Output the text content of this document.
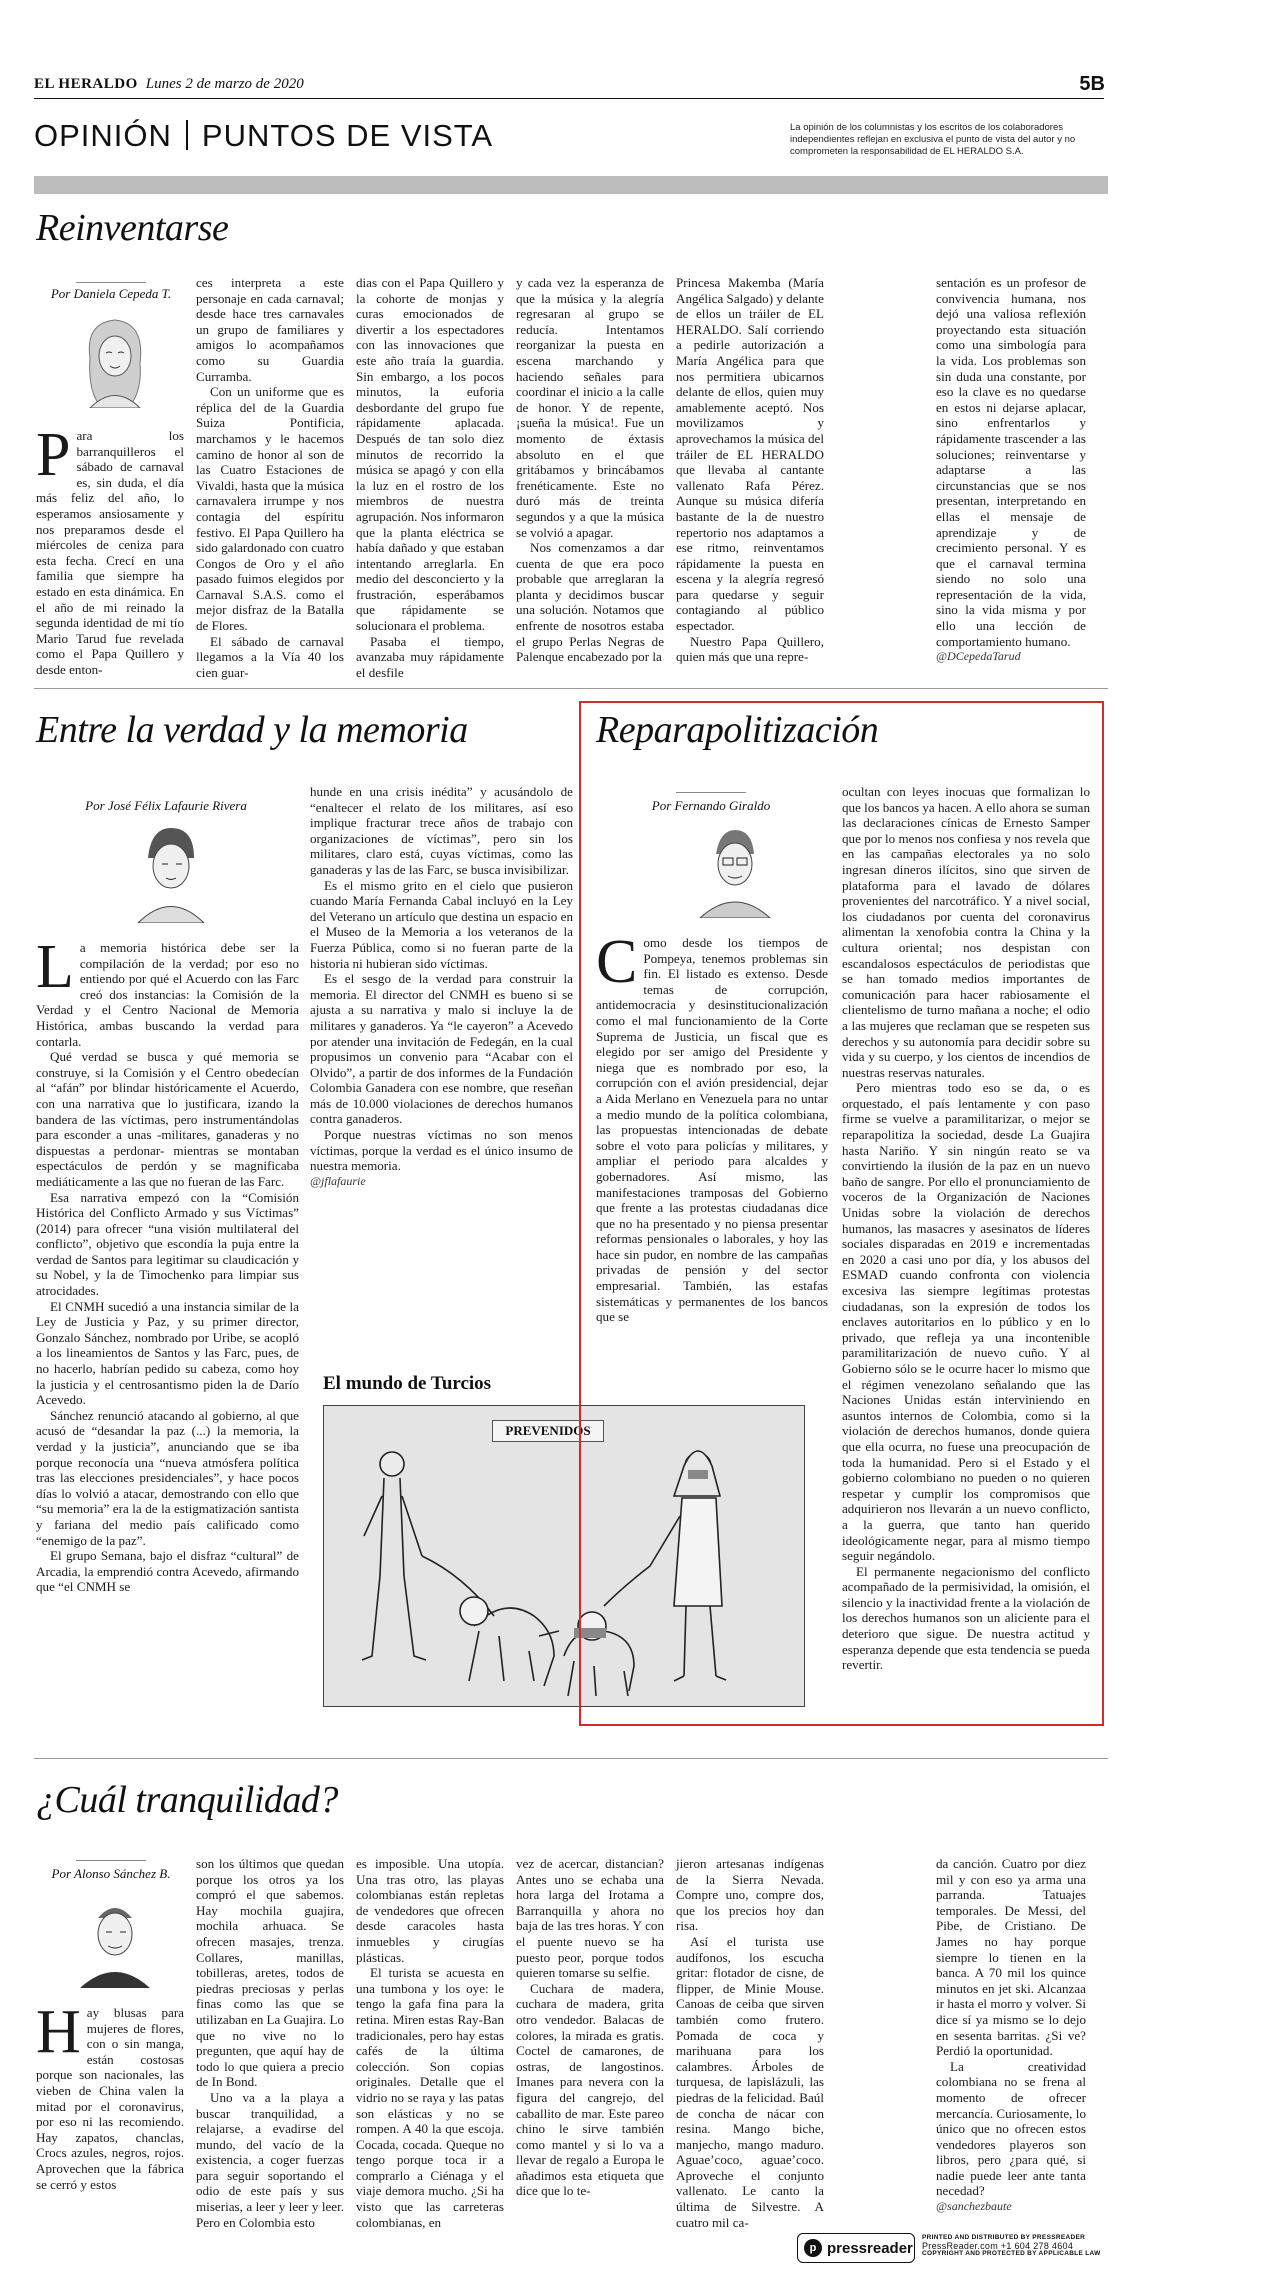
EL HERALDO Lunes 2 de marzo de 2020	5B
OPINIÓN PUNTOS DE VISTA	La opinión de los columnistas y los escritos de los colaboradores independientes reflejan en exclusiva el punto de vista del autor y no comprometen la responsabilidad de EL HERALDO S.A.
Reinventarse
Por Daniela Cepeda T.

Para los barranquilleros el sábado de carnaval es, sin duda, el día más feliz del año, lo esperamos ansiosamente y nos preparamos desde el miércoles de ceniza para esta fecha. Crecí en una familia que siempre ha estado en esta dinámica. En el año de mi reinado la segunda identidad de mi tío Mario Tarud fue revelada como el Papa Quillero y desde enton-

ces interpreta a este personaje en cada carnaval; desde hace tres carnavales un grupo de familiares y amigos lo acompañamos como su Guardia Curramba.

Con un uniforme que es réplica del de la Guardia Suiza Pontificia, marchamos y le hacemos camino de honor al son de las Cuatro Estaciones de Vivaldi, hasta que la música carnavalera irrumpe y nos contagia del espíritu festivo. El Papa Quillero ha sido galardonado con cuatro Congos de Oro y el año pasado fuimos elegidos por Carnaval S.A.S. como el mejor disfraz de la Batalla de Flores.

El sábado de carnaval llegamos a la Vía 40 los cien guar-

dias con el Papa Quillero y la cohorte de monjas y curas emocionados de divertir a los espectadores con las innovaciones que este año traía la guardia. Sin embargo, a los pocos minutos, la euforia desbordante del grupo fue rápidamente aplacada. Después de tan solo diez minutos de recorrido la música se apagó y con ella la luz en el rostro de los miembros de nuestra agrupación. Nos informaron que la planta eléctrica se había dañado y que estaban intentando arreglarla. En medio del desconcierto y la frustración, esperábamos que rápidamente se solucionara el problema.

Pasaba el tiempo, avanzaba muy rápidamente el desfile

y cada vez la esperanza de que la música y la alegría regresaran al grupo se reducía. Intentamos reorganizar la puesta en escena marchando y haciendo señales para coordinar el inicio a la calle de honor. Y de repente, ¡sueña la música!. Fue un momento de éxtasis absoluto en el que gritábamos y brincábamos frenéticamente. Este no duró más de treinta segundos y a que la música se volvió a apagar.

Nos comenzamos a dar cuenta de que era poco probable que arreglaran la planta y decidimos buscar una solución. Notamos que enfrente de nosotros estaba el grupo Perlas Negras de Palenque encabezado por la

Princesa Makemba (María Angélica Salgado) y delante de ellos un tráiler de EL HERALDO. Salí corriendo a pedirle autorización a María Angélica para que nos permitiera ubicarnos delante de ellos, quien muy amablemente aceptó. Nos movilizamos y aprovechamos la música del tráiler de EL HERALDO que llevaba al cantante vallenato Rafa Pérez. Aunque su música difería bastante de la de nuestro repertorio nos adaptamos a ese ritmo, reinventamos rápidamente la puesta en escena y la alegría regresó para quedarse y seguir contagiando al público espectador.

Nuestro Papa Quillero, quien más que una repre-

sentación es un profesor de convivencia humana, nos dejó una valiosa reflexión proyectando esta situación como una simbología para la vida. Los problemas son sin duda una constante, por eso la clave es no quedarse en estos ni dejarse aplacar, sino enfrentarlos y rápidamente trascender a las soluciones; reinventarse y adaptarse a las circunstancias que se nos presentan, interpretando en ellas el mensaje de aprendizaje y de crecimiento personal. Y es que el carnaval termina siendo no solo una representación de la vida, sino la vida misma y por ello una lección de comportamiento humano.

@DCepedaTarud

Entre la verdad y la memoria
Por José Félix Lafaurie Rivera

La memoria histórica debe ser la compilación de la verdad; por eso no entiendo por qué el Acuerdo con las Farc creó dos instancias: la Comisión de la Verdad y el Centro Nacional de Memoria Histórica, ambas buscando la verdad para contarla.

Qué verdad se busca y qué memoria se construye, si la Comisión y el Centro obedecían al “afán” por blindar históricamente el Acuerdo, con una narrativa que lo justificara, izando la bandera de las víctimas, pero instrumentándolas para esconder a unas -militares, ganaderas y no dispuestas a perdonar- mientras se montaban espectáculos de perdón y se magnificaba mediáticamente a las que no fueran de las Farc.

Esa narrativa empezó con la “Comisión Histórica del Conflicto Armado y sus Víctimas” (2014) para ofrecer “una visión multilateral del conflicto”, objetivo que escondía la puja entre la verdad de Santos para legitimar su claudicación y su Nobel, y la de Timochenko para limpiar sus atrocidades.

El CNMH sucedió a una instancia similar de la Ley de Justicia y Paz, y su primer director, Gonzalo Sánchez, nombrado por Uribe, se acopló a los lineamientos de Santos y las Farc, pues, de no hacerlo, habrían pedido su cabeza, como hoy la justicia y el centrosantismo piden la de Darío Acevedo.

Sánchez renunció atacando al gobierno, al que acusó de “desandar la paz (...) la memoria, la verdad y la justicia”, anunciando que se iba porque reconocía una “nueva atmósfera política tras las elecciones presidenciales”, y hace pocos días lo volvió a atacar, demostrando con ello que “su memoria” era la de la estigmatización santista y fariana del medio país calificado como “enemigo de la paz”.

El grupo Semana, bajo el disfraz “cultural” de Arcadia, la emprendió contra Acevedo, afirmando que “el CNMH se

hunde en una crisis inédita” y acusándolo de “enaltecer el relato de los militares, así eso implique fracturar trece años de trabajo con organizaciones de víctimas”, pero sin los militares, claro está, cuyas víctimas, como las ganaderas y las de las Farc, se busca invisibilizar.

Es el mismo grito en el cielo que pusieron cuando María Fernanda Cabal incluyó en la Ley del Veterano un artículo que destina un espacio en el Museo de la Memoria a los veteranos de la Fuerza Pública, como si no fueran parte de la historia ni hubieran sido víctimas.

Es el sesgo de la verdad para construir la memoria. El director del CNMH es bueno si se ajusta a su narrativa y malo si incluye la de militares y ganaderos. Ya “le cayeron” a Acevedo por atender una invitación de Fedegán, en la cual propusimos un convenio para “Acabar con el Olvido”, a partir de dos informes de la Fundación Colombia Ganadera con ese nombre, que reseñan más de 10.000 violaciones de derechos humanos contra ganaderos.

Porque nuestras víctimas no son menos víctimas, porque la verdad es el único insumo de nuestra memoria.

@jflafaurie

El mundo de Turcios
PREVENIDOS
Reparapolitización
Por Fernando Giraldo

Como desde los tiempos de Pompeya, tenemos problemas sin fin. El listado es extenso. Desde temas de corrupción, antidemocracia y desinstitucionalización como el mal funcionamiento de la Corte Suprema de Justicia, un fiscal que es elegido por ser amigo del Presidente y niega que es nombrado por eso, la corrupción con el avión presidencial, dejar a Aida Merlano en Venezuela para no untar a medio mundo de la política colombiana, las propuestas intencionadas de debate sobre el voto para policías y militares, y ampliar el periodo para alcaldes y gobernadores. Así mismo, las manifestaciones tramposas del Gobierno que frente a las protestas ciudadanas dice que no ha presentado y no piensa presentar reformas pensionales o laborales, y hoy las hace sin pudor, en nombre de las campañas privadas de pensión y del sector empresarial. También, las estafas sistemáticas y permanentes de los bancos que se

ocultan con leyes inocuas que formalizan lo que los bancos ya hacen. A ello ahora se suman las declaraciones cínicas de Ernesto Samper que por lo menos nos confiesa y nos revela que en las campañas electorales ya no solo ingresan dineros ilícitos, sino que sirven de plataforma para el lavado de dólares provenientes del narcotráfico. Y a nivel social, los ciudadanos por cuenta del coronavirus alimentan la xenofobia contra la China y la cultura oriental; nos despistan con escandalosos espectáculos de periodistas que se han tomado medios importantes de comunicación para hacer rabiosamente el clientelismo de turno mañana a noche; el odio a las mujeres que reclaman que se respeten sus derechos y su autonomía para decidir sobre su vida y su cuerpo, y los cientos de incendios de nuestras reservas naturales.

Pero mientras todo eso se da, o es orquestado, el país lentamente y con paso firme se vuelve a paramilitarizar, o mejor se reparapolitiza la sociedad, desde La Guajira hasta Nariño. Y sin ningún reato se va convirtiendo la ilusión de la paz en un nuevo baño de sangre. Por ello el pronunciamiento de voceros de la Organización de Naciones Unidas sobre la violación de derechos humanos, las masacres y asesinatos de líderes sociales disparadas en 2019 e incrementadas en 2020 a casi uno por día, y los abusos del ESMAD cuando confronta con violencia excesiva las siempre legítimas protestas ciudadanas, son la expresión de todos los enclaves autoritarios en lo público y en lo privado, que refleja ya una incontenible paramilitarización de nuevo cuño. Y al Gobierno sólo se le ocurre hacer lo mismo que el régimen venezolano señalando que las Naciones Unidas están interviniendo en asuntos internos de Colombia, como si la violación de derechos humanos, donde quiera que ella ocurra, no fuese una preocupación de toda la humanidad. Pero si el Estado y el gobierno colombiano no pueden o no quieren respetar y cumplir los compromisos que adquirieron nos llevarán a un nuevo conflicto, a la guerra, que tanto han querido ideológicamente negar, para al mismo tiempo seguir negándolo.

El permanente negacionismo del conflicto acompañado de la permisividad, la omisión, el silencio y la inactividad frente a la violación de los derechos humanos son un aliciente para el deterioro que sigue. De nuestra actitud y esperanza depende que esta tendencia se pueda revertir.

¿Cuál tranquilidad?
Por Alonso Sánchez B.

Hay blusas para mujeres de flores, con o sin manga, están costosas porque son nacionales, las vieben de China valen la mitad por el coronavirus, por eso ni las recomiendo. Hay zapatos, chanclas, Crocs azules, negros, rojos. Aprovechen que la fábrica se cerró y estos

son los últimos que quedan porque los otros ya los compró el que sabemos. Hay mochila guajira, mochila arhuaca. Se ofrecen masajes, trenza. Collares, manillas, tobilleras, aretes, todos de piedras preciosas y perlas finas como las que se utilizaban en La Guajira. Lo que no vive no lo pregunten, que aquí hay de todo lo que quiera a precio de In Bond.

Uno va a la playa a buscar tranquilidad, a relajarse, a evadirse del mundo, del vacío de la existencia, a coger fuerzas para seguir soportando el odio de este país y sus miserias, a leer y leer y leer. Pero en Colombia esto

es imposible. Una utopía. Una tras otro, las playas colombianas están repletas de vendedores que ofrecen desde caracoles hasta inmuebles y cirugías plásticas.

El turista se acuesta en una tumbona y los oye: le tengo la gafa fina para la retina. Miren estas Ray-Ban tradicionales, pero hay estas cafés de la última colección. Son copias originales. Detalle que el vidrio no se raya y las patas son elásticas y no se rompen. A 40 la que escoja. Cocada, cocada. Queque no tengo porque toca ir a comprarlo a Ciénaga y el viaje demora mucho. ¿Si ha visto que las carreteras colombianas, en

vez de acercar, distancian? Antes uno se echaba una hora larga del Irotama a Barranquilla y ahora no baja de las tres horas. Y con el puente nuevo se ha puesto peor, porque todos quieren tomarse su selfie.

Cuchara de madera, cuchara de madera, grita otro vendedor. Balacas de colores, la mirada es gratis. Coctel de camarones, de ostras, de langostinos. Imanes para nevera con la figura del cangrejo, del caballito de mar. Este pareo chino le sirve también como mantel y si lo va a llevar de regalo a Europa le añadimos esta etiqueta que dice que lo te-

jieron artesanas indígenas de la Sierra Nevada. Compre uno, compre dos, que los precios hoy dan risa.

Así el turista use audífonos, los escucha gritar: flotador de cisne, de flipper, de Minie Mouse. Canoas de ceiba que sirven también como frutero. Pomada de coca y marihuana para los calambres. Árboles de turquesa, de lapislázuli, las piedras de la felicidad. Baúl de concha de nácar con resina. Mango biche, manjecho, mango maduro. Aguae’coco, aguae’coco. Aproveche el conjunto vallenato. Le canto la última de Silvestre. A cuatro mil ca-

da canción. Cuatro por diez mil y con eso ya arma una parranda. Tatuajes temporales. De Messi, del Pibe, de Cristiano. De James no hay porque siempre lo tienen en la banca. A 70 mil los quince minutos en jet ski. Alcanzaa ir hasta el morro y volver. Si dice sí ya mismo se lo dejo en sesenta barritas. ¿Si ve? Perdió la oportunidad.

La creatividad colombiana no se frena al momento de ofrecer mercancía. Curiosamente, lo único que no ofrecen estos vendedores playeros son libros, pero ¿para qué, si nadie puede leer ante tanta necedad?

@sanchezbaute

p pressreader
PRINTED AND DISTRIBUTED BY PRESSREADER
PressReader.com +1 604 278 4604
COPYRIGHT AND PROTECTED BY APPLICABLE LAW
